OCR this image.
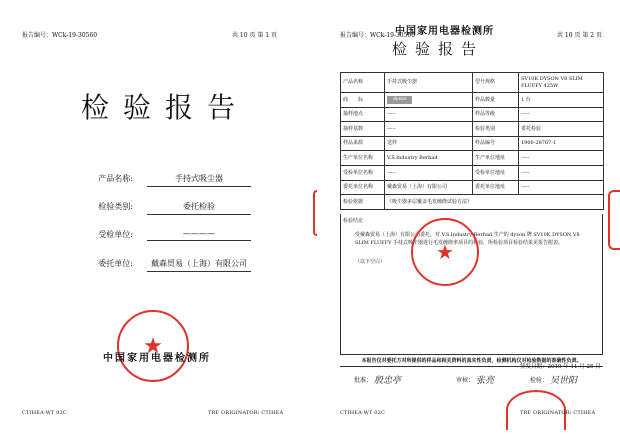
报告编号：WCk-19-30560	共 10 页 第 1 页
检验报告
产品名称:	手持式吸尘器
检验类别:	委托检验
受检单位:	————
委托单位:	戴森贸易（上海）有限公司
★
中国家用电器检测所
CTIHEA-WT 02C	TRF ORIGINATOR: CTIHEA
报告编号：WCk-19-30560	共 10 页 第 2 页
中国家用电器检测所
检验报告
产品名称	手持式吸尘器	型号规格	SV10K DYSON V8 SLIM FLUFFY 425W
商　　标	dyson	样品数量	1 台
抽样地点	-----	样品等级	-----
抽样基数	-----	检验类别	委托检验
样品来源	送样	样品编号	1900-28767-1
生产单位名称	V.S.Industry Berhad	生产单位地址	-----
受检单位名称	-----	受检单位地址	-----
委托单位名称	戴森贸易（上海）有限公司	委托单位地址	-----
检验依据	《吸尘器多层覆盖毛发缠绕试验方法》		
检验结论
受戴森贸易（上海）有限公司委托，对 V.S.Industry Berhad 生产的 dyson 牌 SV10K DYSON V8 SLIM FLUFFY 手持式吸尘器进行毛发缠绕率项目的检验，所检验项目检验结果见报告附表。
（以下空白）	★
本报告仅对委托方对所提供的样品和相关资料的真实性负责，检测机构仅对检验数据的准确性负责。
签发日期：2019 年 11 月 25 日
批准： 殷忠亭	审核： 张亮	检验： 吴世阳
CTIHEA-WT 02C	TRF ORIGINATOR: CTIHEA
